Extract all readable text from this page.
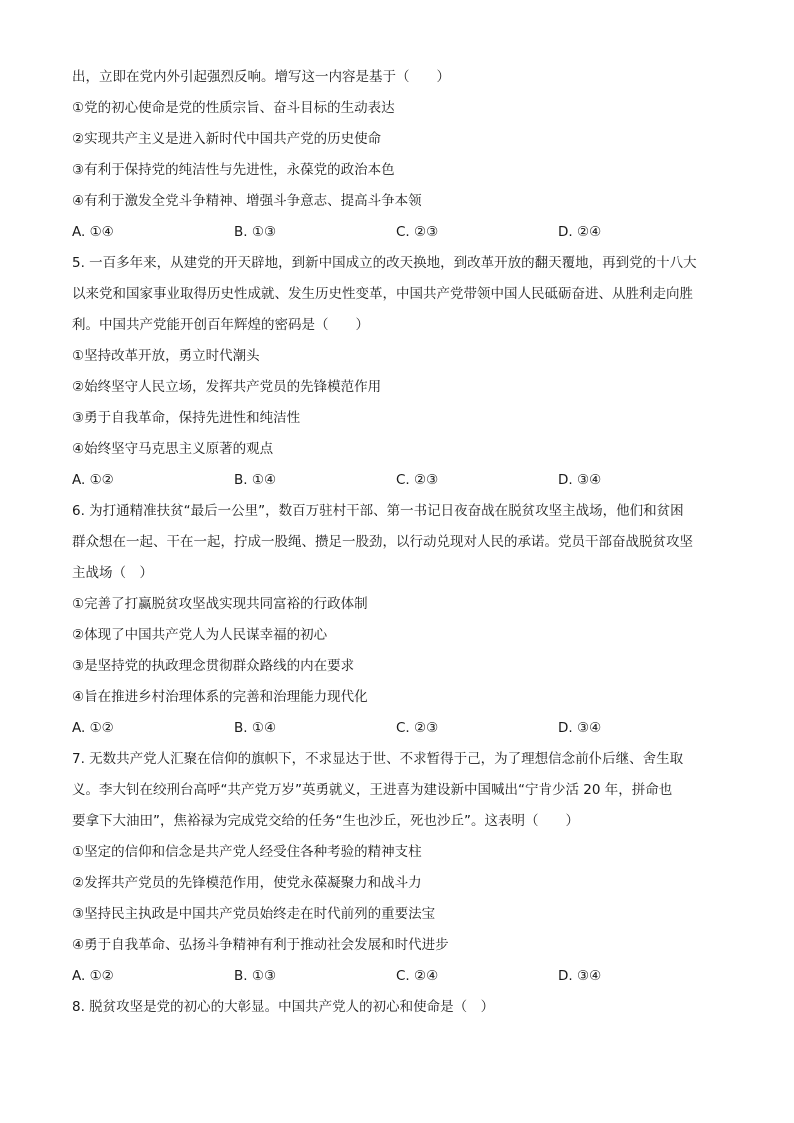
出，立即在党内外引起强烈反响。增写这一内容是基于（　　）
①党的初心使命是党的性质宗旨、奋斗目标的生动表达
②实现共产主义是进入新时代中国共产党的历史使命
③有利于保持党的纯洁性与先进性，永葆党的政治本色
④有利于激发全党斗争精神、增强斗争意志、提高斗争本领
A. ①④	B. ①③	C. ②③	D. ②④
5. 一百多年来，从建党的开天辟地，到新中国成立的改天换地，到改革开放的翻天覆地，再到党的十八大
以来党和国家事业取得历史性成就、发生历史性变革，中国共产党带领中国人民砥砺奋进、从胜利走向胜
利。中国共产党能开创百年辉煌的密码是（　　）
①坚持改革开放，勇立时代潮头
②始终坚守人民立场，发挥共产党员的先锋模范作用
③勇于自我革命，保持先进性和纯洁性
④始终坚守马克思主义原著的观点
A. ①②	B. ①④	C. ②③	D. ③④
6. 为打通精准扶贫“最后一公里”，数百万驻村干部、第一书记日夜奋战在脱贫攻坚主战场，他们和贫困
群众想在一起、干在一起，拧成一股绳、攒足一股劲，以行动兑现对人民的承诺。党员干部奋战脱贫攻坚
主战场（　）
①完善了打赢脱贫攻坚战实现共同富裕的行政体制
②体现了中国共产党人为人民谋幸福的初心
③是坚持党的执政理念贯彻群众路线的内在要求
④旨在推进乡村治理体系的完善和治理能力现代化
A. ①②	B. ①④	C. ②③	D. ③④
7. 无数共产党人汇聚在信仰的旗帜下，不求显达于世、不求暂得于己，为了理想信念前仆后继、舍生取
义。李大钊在绞刑台高呼“共产党万岁”英勇就义，王进喜为建设新中国喊出“宁肯少活 20 年，拼命也
要拿下大油田”，焦裕禄为完成党交给的任务“生也沙丘，死也沙丘”。这表明（　　）
①坚定的信仰和信念是共产党人经受住各种考验的精神支柱
②发挥共产党员的先锋模范作用，使党永葆凝聚力和战斗力
③坚持民主执政是中国共产党员始终走在时代前列的重要法宝
④勇于自我革命、弘扬斗争精神有利于推动社会发展和时代进步
A. ①②	B. ①③	C. ②④	D. ③④
8. 脱贫攻坚是党的初心的大彰显。中国共产党人的初心和使命是（　）
